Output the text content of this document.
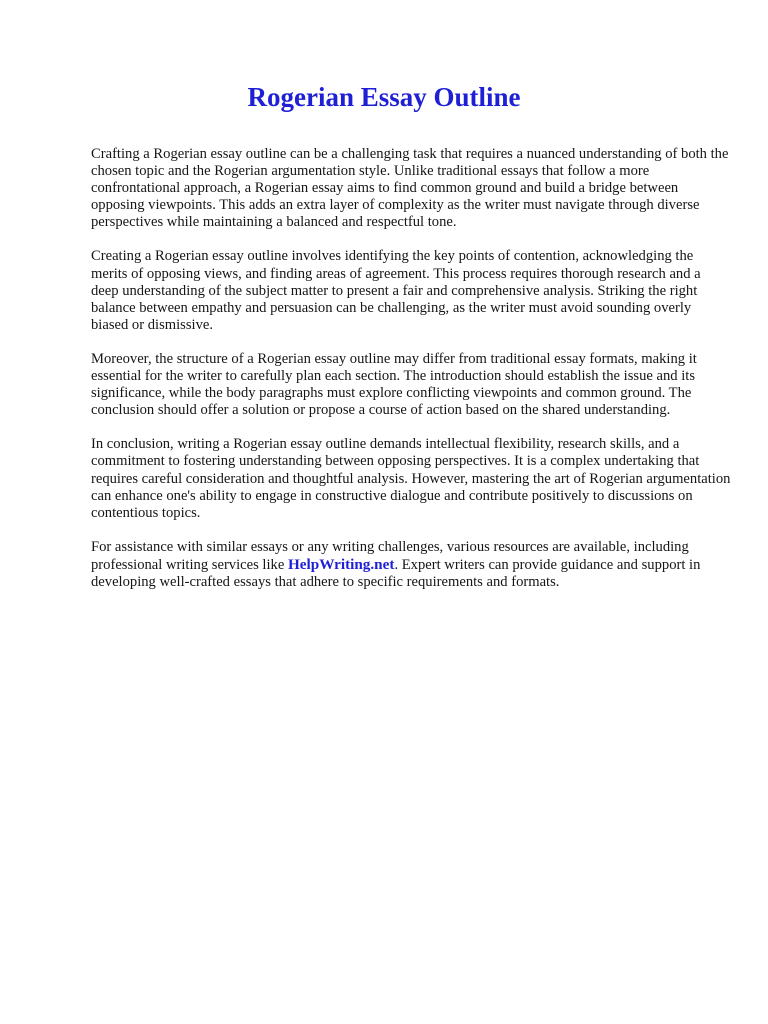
Rogerian Essay Outline

Crafting a Rogerian essay outline can be a challenging task that requires a nuanced understanding of both the chosen topic and the Rogerian argumentation style. Unlike traditional essays that follow a more confrontational approach, a Rogerian essay aims to find common ground and build a bridge between opposing viewpoints. This adds an extra layer of complexity as the writer must navigate through diverse perspectives while maintaining a balanced and respectful tone.

Creating a Rogerian essay outline involves identifying the key points of contention, acknowledging the merits of opposing views, and finding areas of agreement. This process requires thorough research and a deep understanding of the subject matter to present a fair and comprehensive analysis. Striking the right balance between empathy and persuasion can be challenging, as the writer must avoid sounding overly biased or dismissive.

Moreover, the structure of a Rogerian essay outline may differ from traditional essay formats, making it essential for the writer to carefully plan each section. The introduction should establish the issue and its significance, while the body paragraphs must explore conflicting viewpoints and common ground. The conclusion should offer a solution or propose a course of action based on the shared understanding.

In conclusion, writing a Rogerian essay outline demands intellectual flexibility, research skills, and a commitment to fostering understanding between opposing perspectives. It is a complex undertaking that requires careful consideration and thoughtful analysis. However, mastering the art of Rogerian argumentation can enhance one's ability to engage in constructive dialogue and contribute positively to discussions on contentious topics.

For assistance with similar essays or any writing challenges, various resources are available, including professional writing services like HelpWriting.net. Expert writers can provide guidance and support in developing well-crafted essays that adhere to specific requirements and formats.
